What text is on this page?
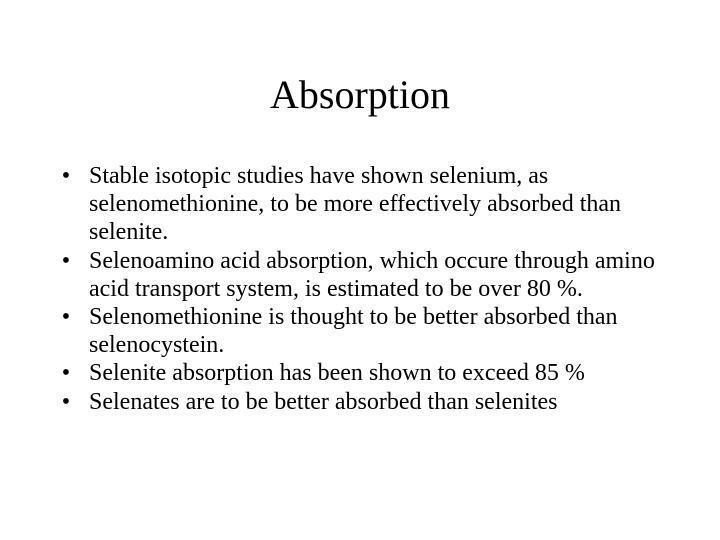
Absorption
• Stable isotopic studies have shown selenium, as selenomethionine, to be more effectively absorbed than selenite.
• Selenoamino acid absorption, which occure through amino acid transport system, is estimated to be over 80 %.
• Selenomethionine is thought to be better absorbed than selenocystein.
• Selenite absorption has been shown to exceed 85 %
• Selenates are to be better absorbed than selenites
